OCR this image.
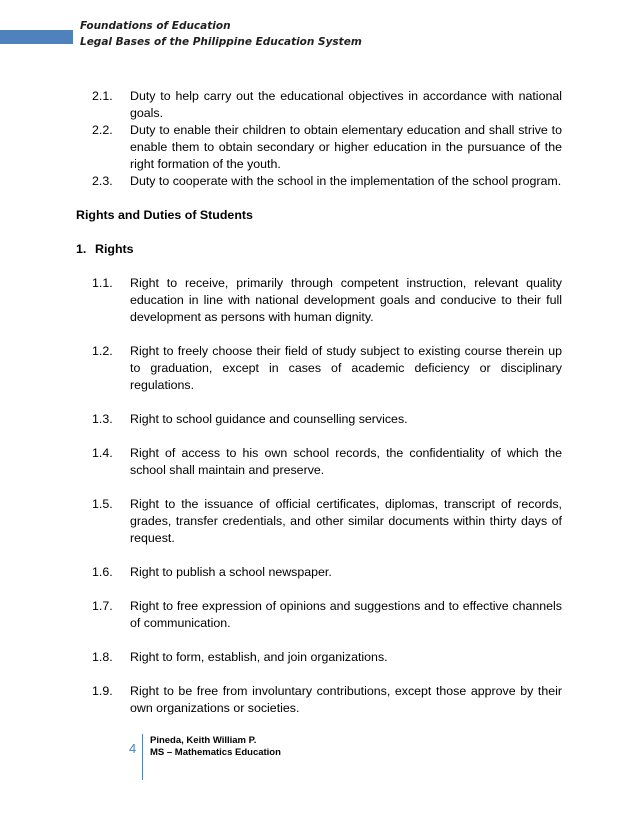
Foundations of Education
Legal Bases of the Philippine Education System
2.1. Duty to help carry out the educational objectives in accordance with national goals.
2.2. Duty to enable their children to obtain elementary education and shall strive to enable them to obtain secondary or higher education in the pursuance of the right formation of the youth.
2.3. Duty to cooperate with the school in the implementation of the school program.
Rights and Duties of Students
1. Rights
1.1. Right to receive, primarily through competent instruction, relevant quality education in line with national development goals and conducive to their full development as persons with human dignity.
1.2. Right to freely choose their field of study subject to existing course therein up to graduation, except in cases of academic deficiency or disciplinary regulations.
1.3. Right to school guidance and counselling services.
1.4. Right of access to his own school records, the confidentiality of which the school shall maintain and preserve.
1.5. Right to the issuance of official certificates, diplomas, transcript of records, grades, transfer credentials, and other similar documents within thirty days of request.
1.6. Right to publish a school newspaper.
1.7. Right to free expression of opinions and suggestions and to effective channels of communication.
1.8. Right to form, establish, and join organizations.
1.9. Right to be free from involuntary contributions, except those approve by their own organizations or societies.
4
Pineda, Keith William P.
MS – Mathematics Education
